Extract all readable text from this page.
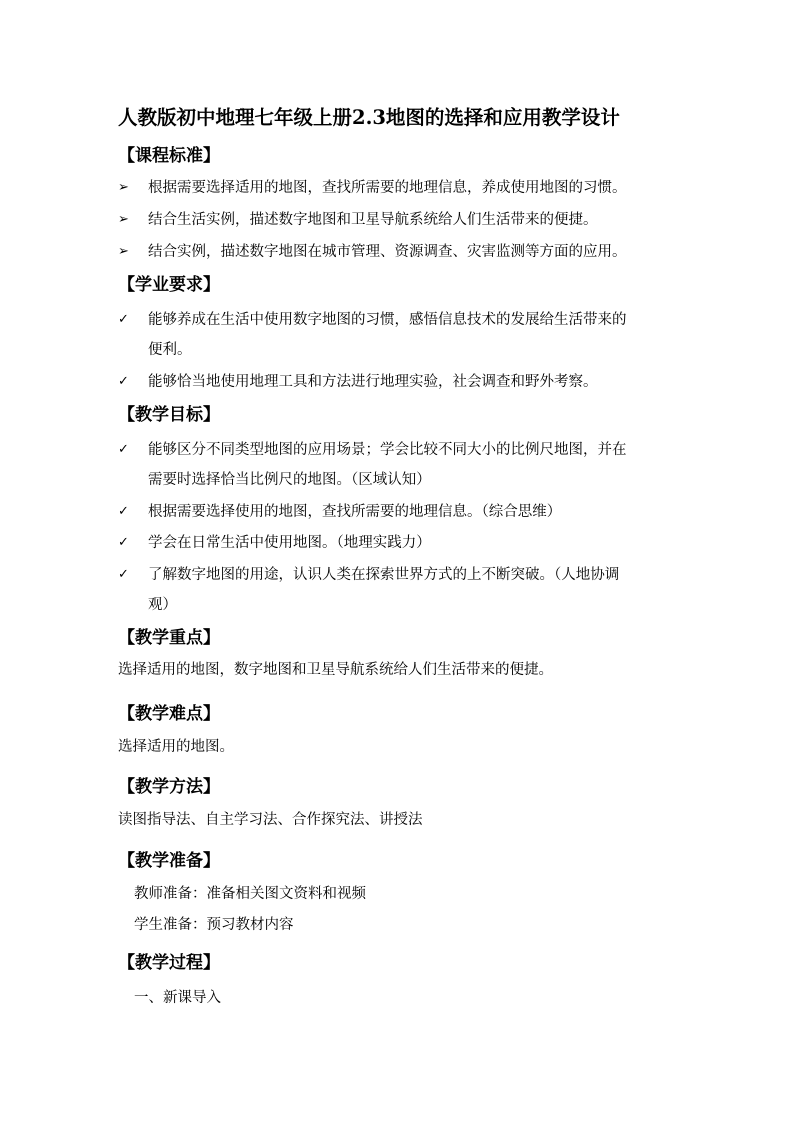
人教版初中地理七年级上册2.3地图的选择和应用教学设计
【课程标准】
➢	根据需要选择适用的地图，查找所需要的地理信息，养成使用地图的习惯。
➢	结合生活实例，描述数字地图和卫星导航系统给人们生活带来的便捷。
➢	结合实例，描述数字地图在城市管理、资源调查、灾害监测等方面的应用。
【学业要求】
✓	能够养成在生活中使用数字地图的习惯，感悟信息技术的发展给生活带来的
便利。
✓	能够恰当地使用地理工具和方法进行地理实验，社会调查和野外考察。
【教学目标】
✓	能够区分不同类型地图的应用场景；学会比较不同大小的比例尺地图，并在
需要时选择恰当比例尺的地图。（区域认知）
✓	根据需要选择使用的地图，查找所需要的地理信息。（综合思维）
✓	学会在日常生活中使用地图。（地理实践力）
✓	了解数字地图的用途，认识人类在探索世界方式的上不断突破。（人地协调
观）
【教学重点】
选择适用的地图，数字地图和卫星导航系统给人们生活带来的便捷。
【教学难点】
选择适用的地图。
【教学方法】
读图指导法、自主学习法、合作探究法、讲授法
【教学准备】
教师准备：准备相关图文资料和视频
学生准备：预习教材内容
【教学过程】
一、新课导入
